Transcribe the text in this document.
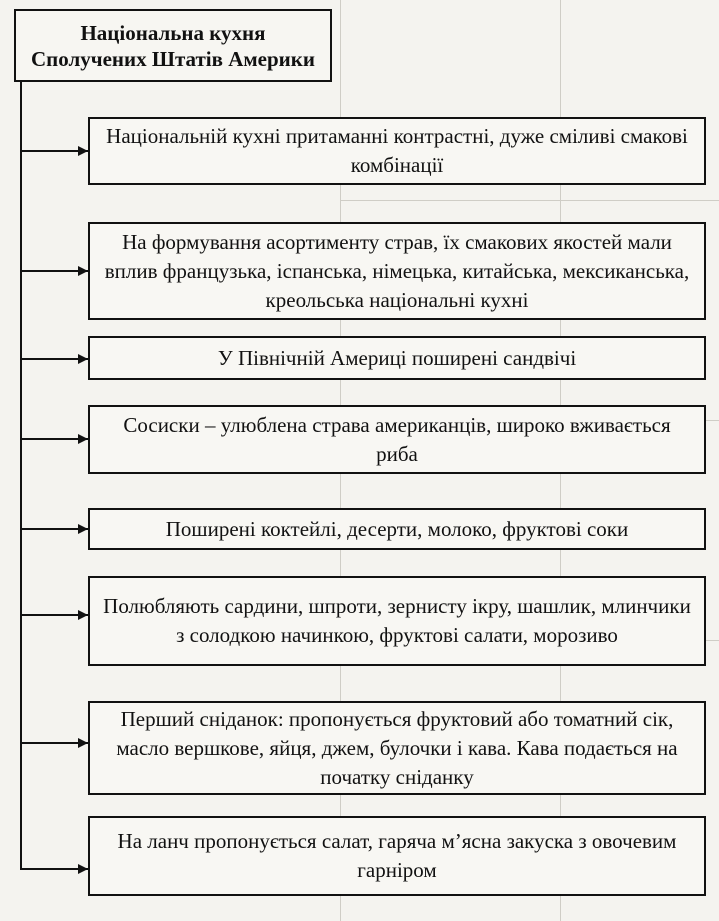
Національна кухня Сполучених Штатів Америки
Національній кухні притаманні контрастні, дуже сміливі смакові комбінації
На формування асортименту страв, їх смакових якостей мали вплив французька, іспанська, німецька, китайська, мексиканська, креольська національні кухні
У Північній Америці поширені сандвічі
Сосиски – улюблена страва американців, широко вживається риба
Поширені коктейлі, десерти, молоко, фруктові соки
Полюбляють сардини, шпроти, зернисту ікру, шашлик, млинчики з солодкою начинкою, фруктові салати, морозиво
Перший сніданок: пропонується фруктовий або томатний сік, масло вершкове, яйця, джем, булочки і кава. Кава подається на початку сніданку
На ланч пропонується салат, гаряча м’ясна закуска з овочевим гарніром
